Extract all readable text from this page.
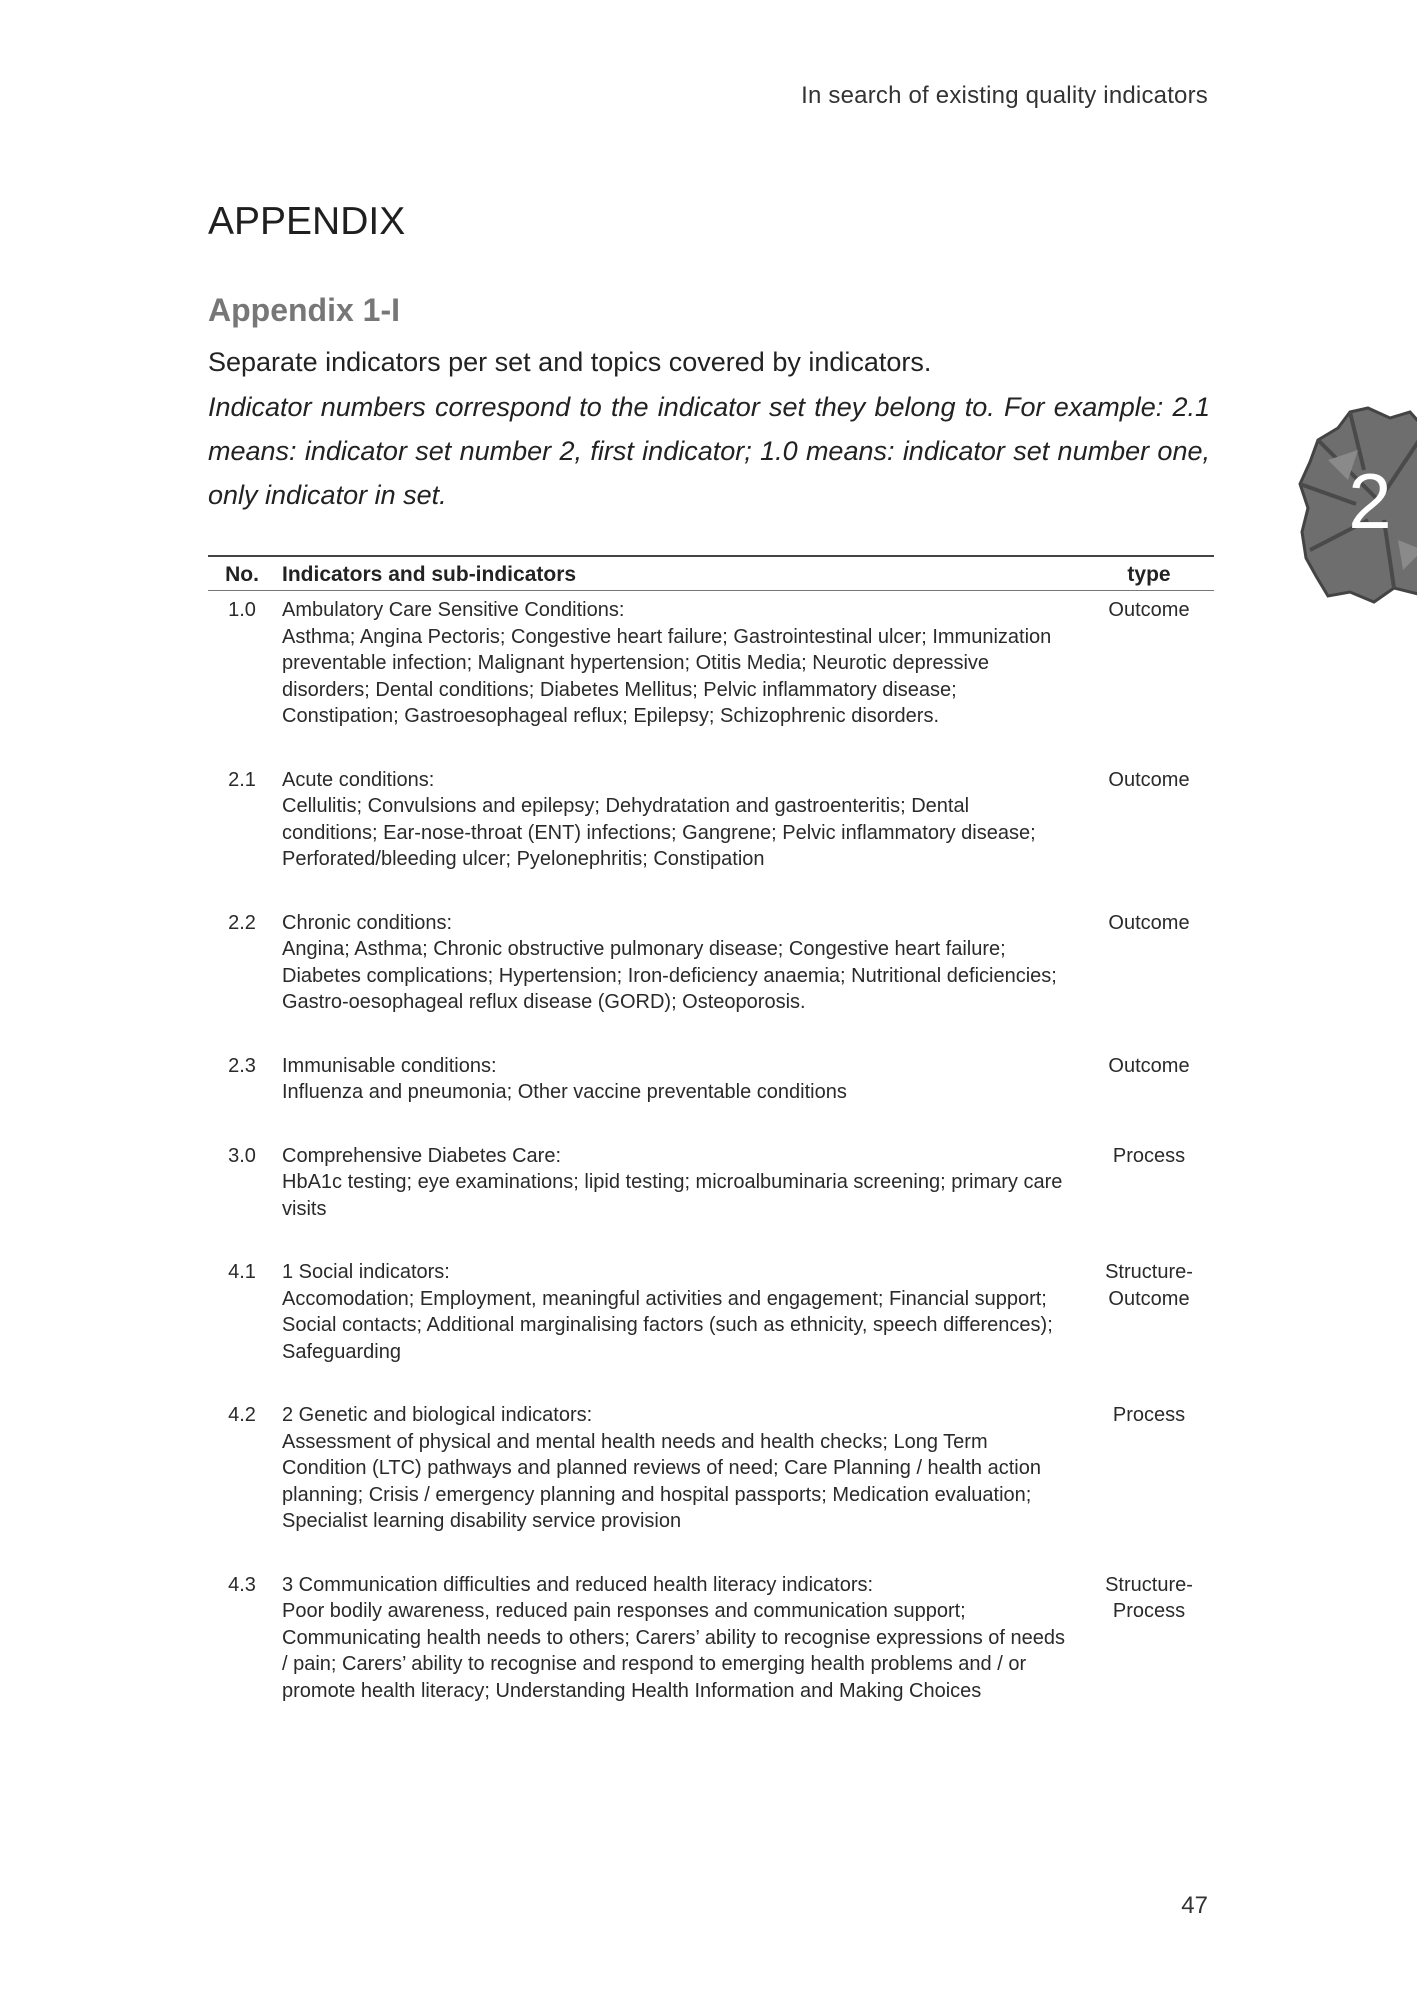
In search of existing quality indicators
APPENDIX
Appendix 1-I

Separate indicators per set and topics covered by indicators.

Indicator numbers correspond to the indicator set they belong to. For example: 2.1 means: indicator set number 2, first indicator; 1.0 means: indicator set number one, only indicator in set.	2
No.	Indicators and sub-indicators	type
1.0	Ambulatory Care Sensitive Conditions:
Asthma; Angina Pectoris; Congestive heart failure; Gastrointestinal ulcer; Immunization preventable infection; Malignant hypertension; Otitis Media; Neurotic depressive disorders; Dental conditions; Diabetes Mellitus; Pelvic inflammatory disease; Constipation; Gastroesophageal reflux; Epilepsy; Schizophrenic disorders.	Outcome
2.1	Acute conditions:
Cellulitis; Convulsions and epilepsy; Dehydratation and gastroenteritis; Dental conditions; Ear-nose-throat (ENT) infections; Gangrene; Pelvic inflammatory disease; Perforated/bleeding ulcer; Pyelonephritis; Constipation	Outcome
2.2	Chronic conditions:
Angina; Asthma; Chronic obstructive pulmonary disease; Congestive heart failure; Diabetes complications; Hypertension; Iron-deficiency anaemia; Nutritional deficiencies; Gastro-oesophageal reflux disease (GORD); Osteoporosis.	Outcome
2.3	Immunisable conditions:
Influenza and pneumonia; Other vaccine preventable conditions	Outcome
3.0	Comprehensive Diabetes Care:
HbA1c testing; eye examinations; lipid testing; microalbuminaria screening; primary care visits	Process
4.1	1 Social indicators:
Accomodation; Employment, meaningful activities and engagement; Financial support; Social contacts; Additional marginalising factors (such as ethnicity, speech differences); Safeguarding	Structure-Outcome
4.2	2 Genetic and biological indicators:
Assessment of physical and mental health needs and health checks; Long Term Condition (LTC) pathways and planned reviews of need; Care Planning / health action planning; Crisis / emergency planning and hospital passports; Medication evaluation; Specialist learning disability service provision	Process
4.3	3 Communication difficulties and reduced health literacy indicators:
Poor bodily awareness, reduced pain responses and communication support; Communicating health needs to others; Carers’ ability to recognise expressions of needs / pain; Carers’ ability to recognise and respond to emerging health problems and / or promote health literacy; Understanding Health Information and Making Choices	Structure-Process
47
